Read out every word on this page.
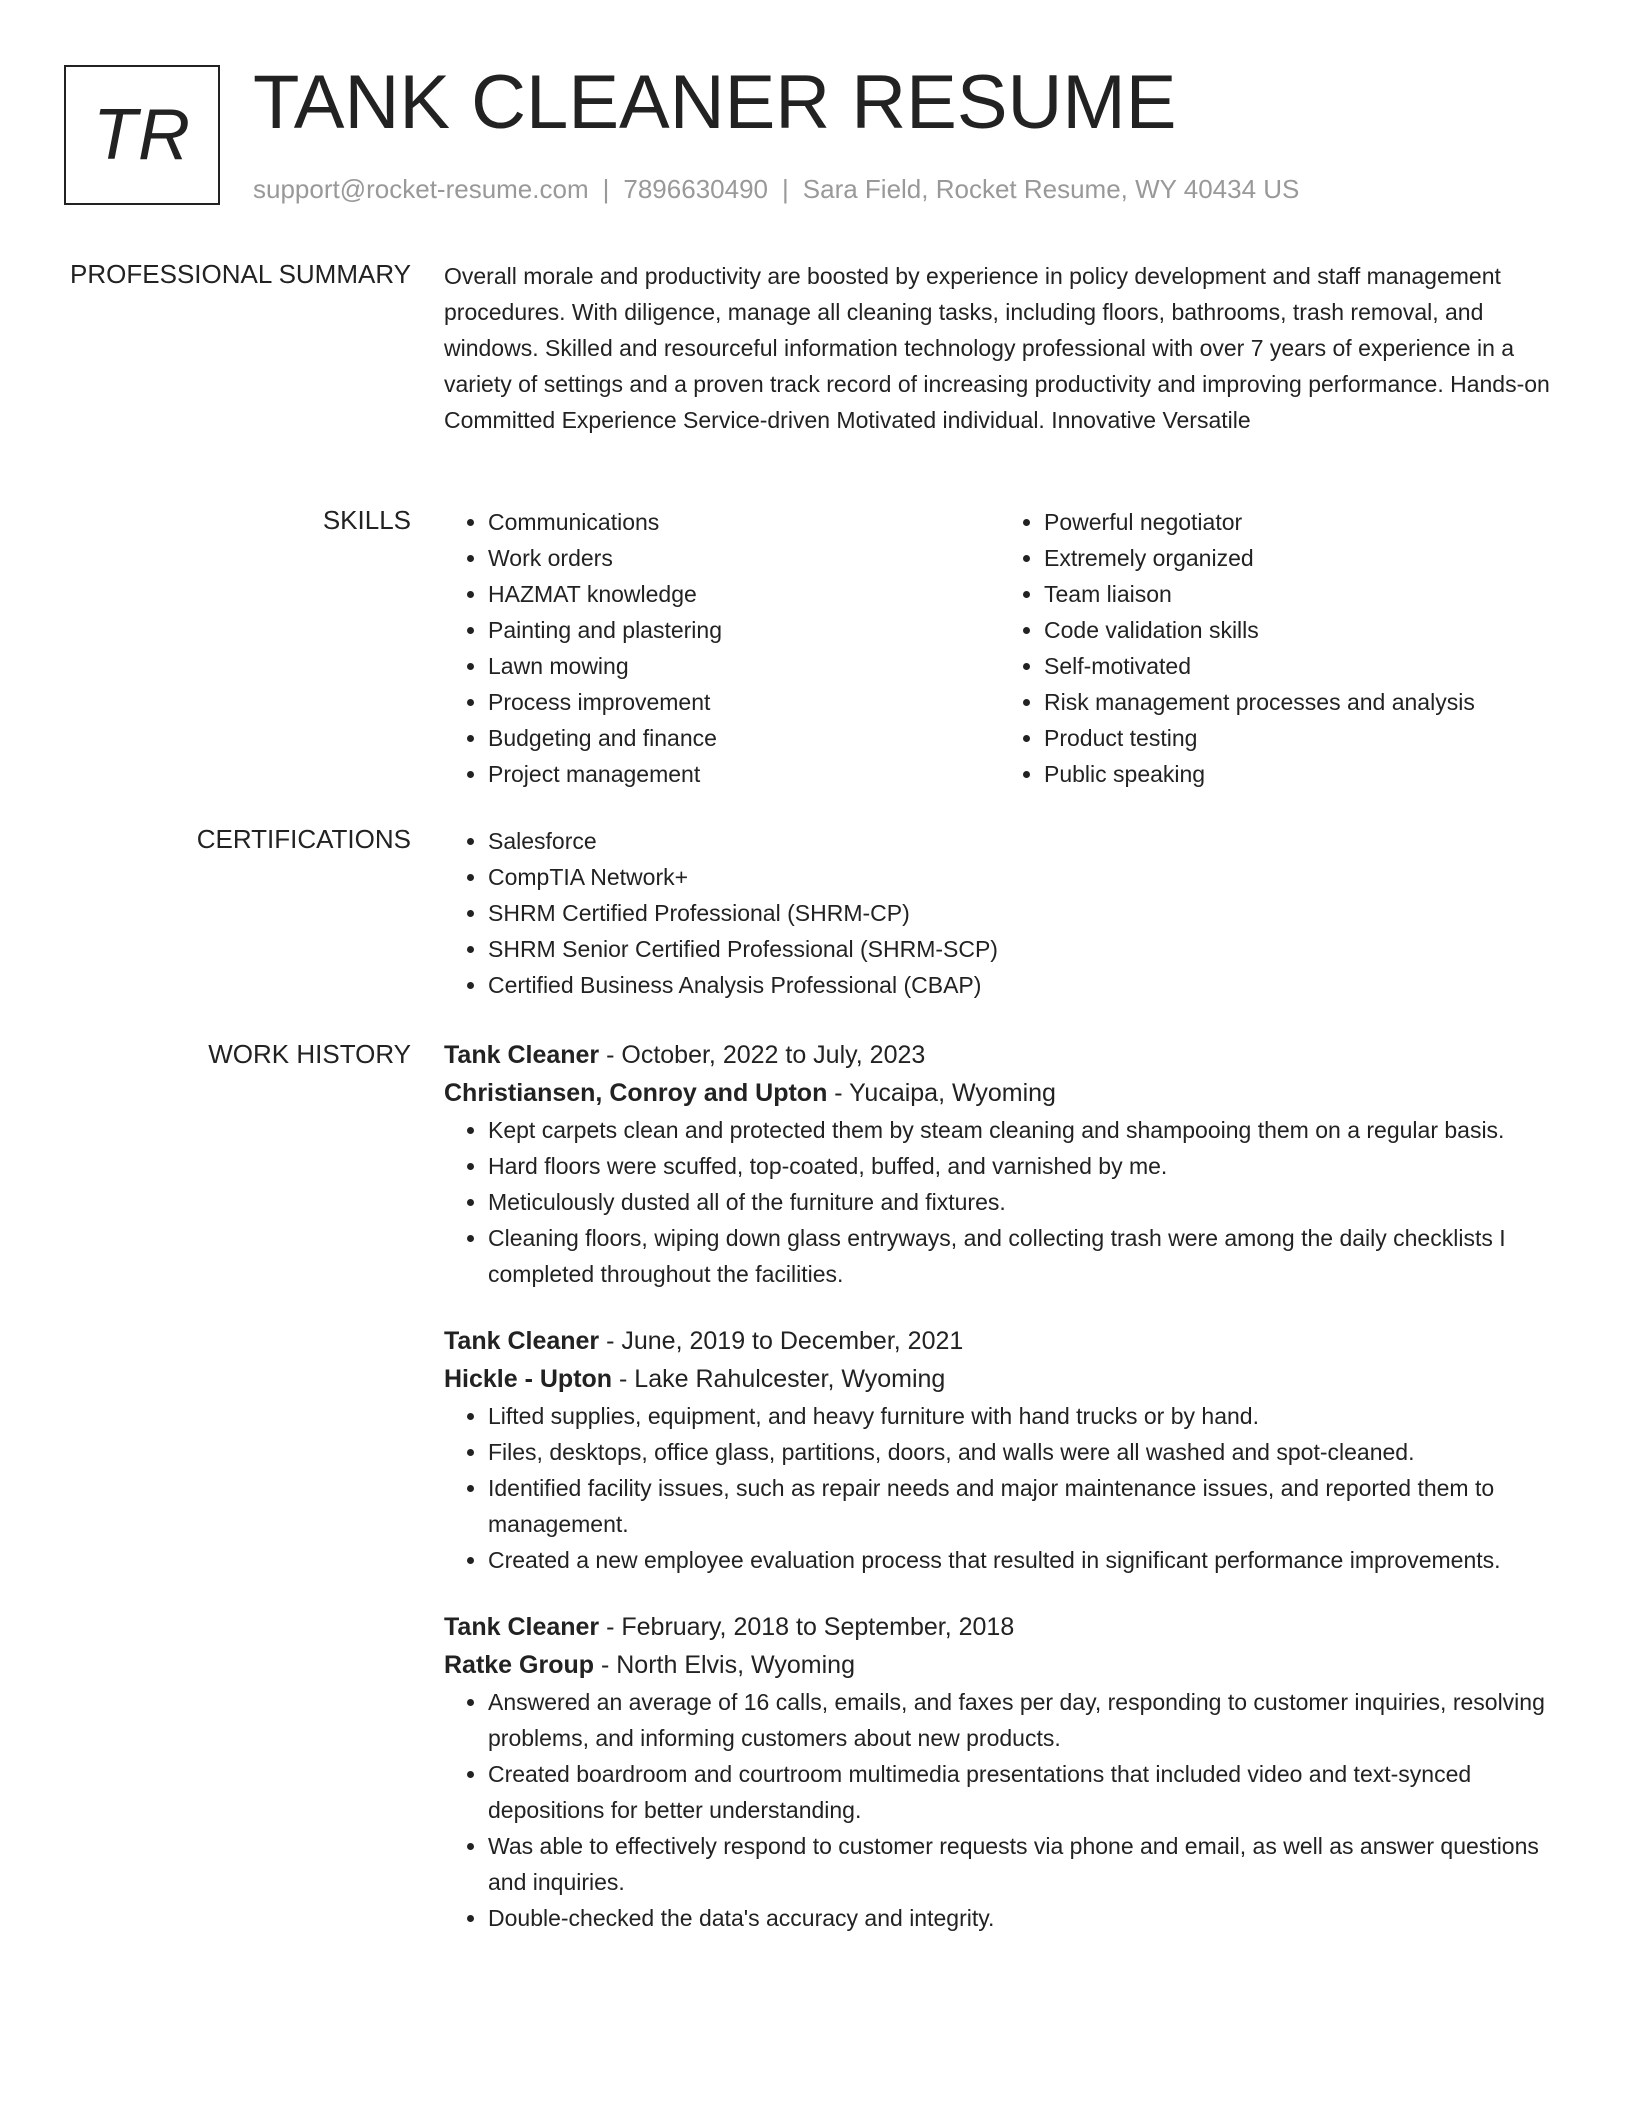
TR TANK CLEANER RESUME
support@rocket-resume.com | 7896630490 | Sara Field, Rocket Resume, WY 40434 US
PROFESSIONAL SUMMARY Overall morale and productivity are boosted by experience in policy development and staff management procedures. With diligence, manage all cleaning tasks, including floors, bathrooms, trash removal, and windows. Skilled and resourceful information technology professional with over 7 years of experience in a variety of settings and a proven track record of increasing productivity and improving performance. Hands-on Committed Experience Service-driven Motivated individual. Innovative Versatile

SKILLS	• Communications
• Work orders
• HAZMAT knowledge
• Painting and plastering
• Lawn mowing
• Process improvement
• Budgeting and finance
• Project management
• Powerful negotiator
• Extremely organized
• Team liaison
• Code validation skills
• Self-motivated
• Risk management processes and analysis
• Product testing
• Public speaking
CERTIFICATIONS	• Salesforce
• CompTIA Network+
• SHRM Certified Professional (SHRM-CP)
• SHRM Senior Certified Professional (SHRM-SCP)
• Certified Business Analysis Professional (CBAP)
WORK HISTORY Tank Cleaner - October, 2022 to July, 2023
Christiansen, Conroy and Upton - Yucaipa, Wyoming
• Kept carpets clean and protected them by steam cleaning and shampooing them on a regular basis.
• Hard floors were scuffed, top-coated, buffed, and varnished by me.
• Meticulously dusted all of the furniture and fixtures.
• Cleaning floors, wiping down glass entryways, and collecting trash were among the daily checklists I completed throughout the facilities.
Tank Cleaner - June, 2019 to December, 2021
Hickle - Upton - Lake Rahulcester, Wyoming
• Lifted supplies, equipment, and heavy furniture with hand trucks or by hand.
• Files, desktops, office glass, partitions, doors, and walls were all washed and spot-cleaned.
• Identified facility issues, such as repair needs and major maintenance issues, and reported them to management.
• Created a new employee evaluation process that resulted in significant performance improvements.
Tank Cleaner - February, 2018 to September, 2018
Ratke Group - North Elvis, Wyoming
• Answered an average of 16 calls, emails, and faxes per day, responding to customer inquiries, resolving problems, and informing customers about new products.
• Created boardroom and courtroom multimedia presentations that included video and text-synced depositions for better understanding.
• Was able to effectively respond to customer requests via phone and email, as well as answer questions and inquiries.
• Double-checked the data's accuracy and integrity.
